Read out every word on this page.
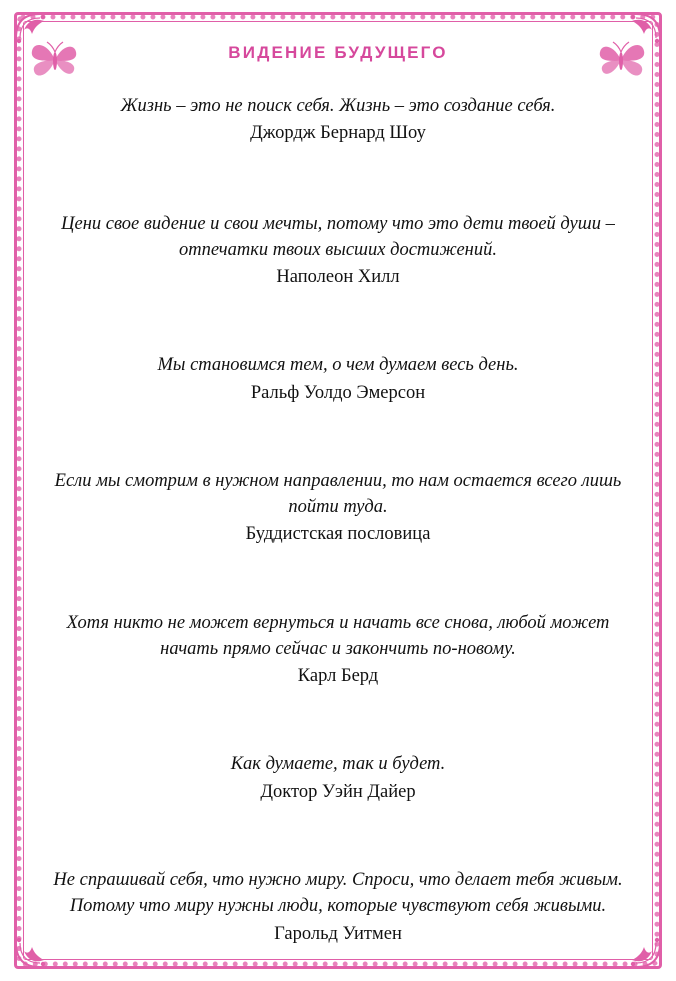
ВИДЕНИЕ БУДУЩЕГО

Жизнь – это не поиск себя. Жизнь – это создание себя.

Джордж Бернард Шоу

Цени свое видение и свои мечты, потому что это дети твоей души – отпечатки твоих высших достижений.

Наполеон Хилл

Мы становимся тем, о чем думаем весь день.

Ральф Уолдо Эмерсон

Если мы смотрим в нужном направлении, то нам остается всего лишь пойти туда.

Буддистская пословица

Хотя никто не может вернуться и начать все снова, любой может начать прямо сейчас и закончить по-новому.

Карл Берд

Как думаете, так и будет.

Доктор Уэйн Дайер

Не спрашивай себя, что нужно миру. Спроси, что делает тебя живым. Потому что миру нужны люди, которые чувствуют себя живыми.

Гарольд Уитмен
